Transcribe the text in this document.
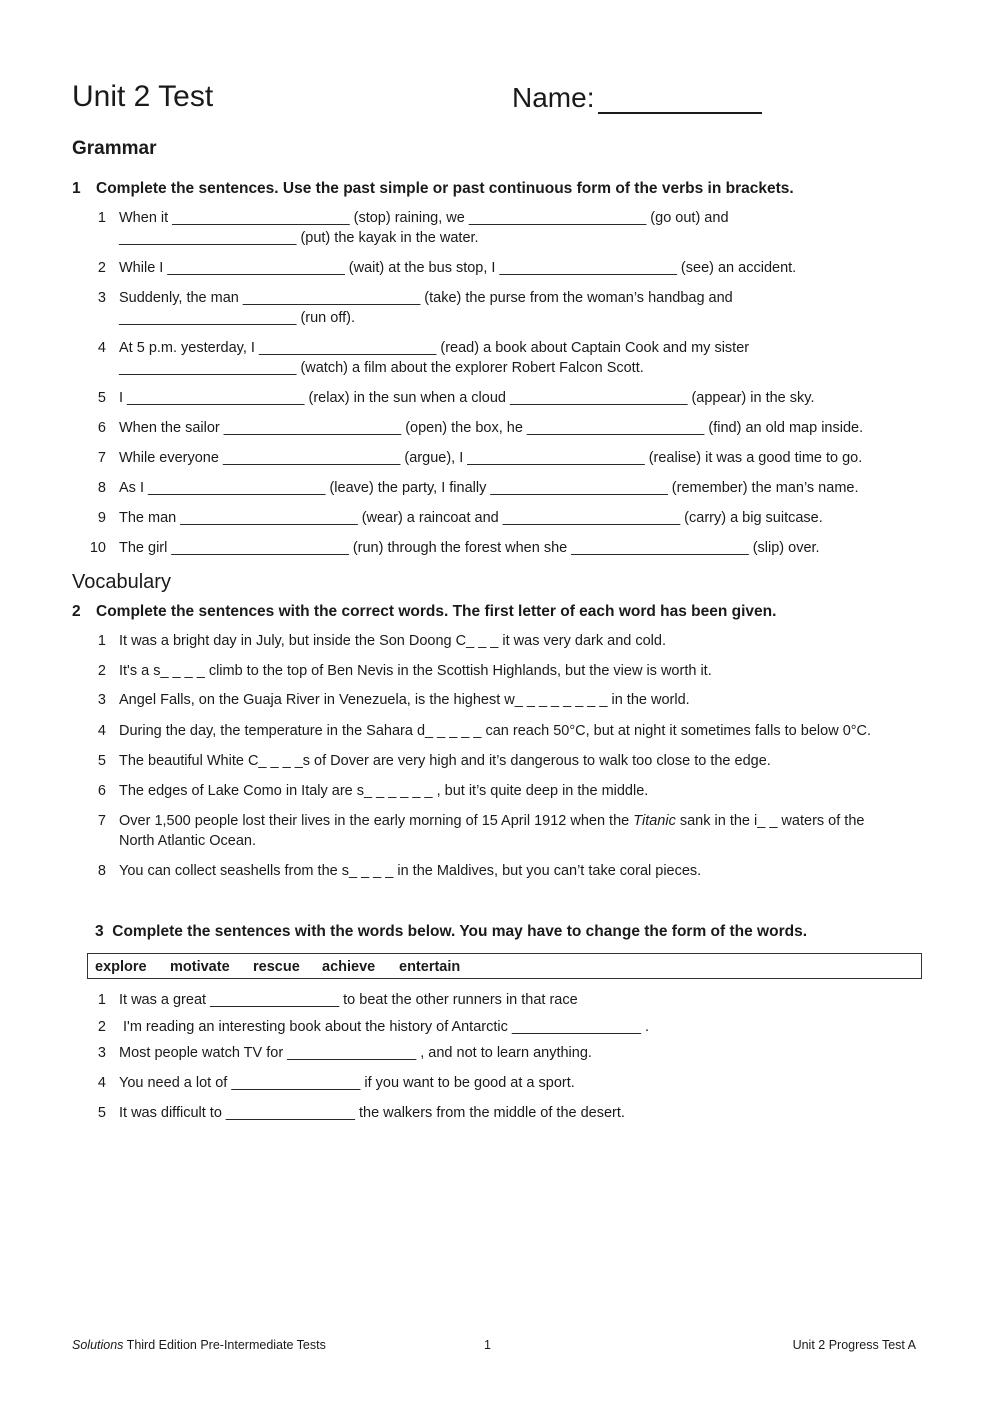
Unit 2 Test	Name:
Grammar
1 Complete the sentences. Use the past simple or past continuous form of the verbs in brackets.
1 When it ______________________ (stop) raining, we ______________________ (go out) and
______________________ (put) the kayak in the water.
2 While I ______________________ (wait) at the bus stop, I ______________________ (see) an accident.
3 Suddenly, the man ______________________ (take) the purse from the woman’s handbag and
______________________ (run off).
4 At 5 p.m. yesterday, I ______________________ (read) a book about Captain Cook and my sister
______________________ (watch) a film about the explorer Robert Falcon Scott.
5 I ______________________ (relax) in the sun when a cloud ______________________ (appear) in the sky.
6 When the sailor ______________________ (open) the box, he ______________________ (find) an old map inside.
7 While everyone ______________________ (argue), I ______________________ (realise) it was a good time to go.
8 As I ______________________ (leave) the party, I finally ______________________ (remember) the man’s name.
9 The man ______________________ (wear) a raincoat and ______________________ (carry) a big suitcase.
10 The girl ______________________ (run) through the forest when she ______________________ (slip) over.
Vocabulary
2 Complete the sentences with the correct words. The first letter of each word has been given.
1 It was a bright day in July, but inside the Son Doong C_ _ _ it was very dark and cold.
2 It's a s_ _ _ _ climb to the top of Ben Nevis in the Scottish Highlands, but the view is worth it.
3 Angel Falls, on the Guaja River in Venezuela, is the highest w_ _ _ _ _ _ _ _ in the world.
4 During the day, the temperature in the Sahara d_ _ _ _ _ can reach 50°C, but at night it sometimes falls to below 0°C.
5 The beautiful White C_ _ _ _s of Dover are very high and it’s dangerous to walk too close to the edge.
6 The edges of Lake Como in Italy are s_ _ _ _ _ _ , but it’s quite deep in the middle.
7 Over 1,500 people lost their lives in the early morning of 15 April 1912 when the Titanic sank in the i_ _ waters of the
North Atlantic Ocean.
8 You can collect seashells from the s_ _ _ _ in the Maldives, but you can’t take coral pieces.
3 Complete the sentences with the words below. You may have to change the form of the words.
explore motivate rescue achieve entertain
1 It was a great ________________ to beat the other runners in that race
2 I'm reading an interesting book about the history of Antarctic ________________ .
3 Most people watch TV for ________________ , and not to learn anything.
4 You need a lot of ________________ if you want to be good at a sport.
5 It was difficult to ________________ the walkers from the middle of the desert.
Solutions Third Edition Pre-Intermediate Tests	1	Unit 2 Progress Test A
